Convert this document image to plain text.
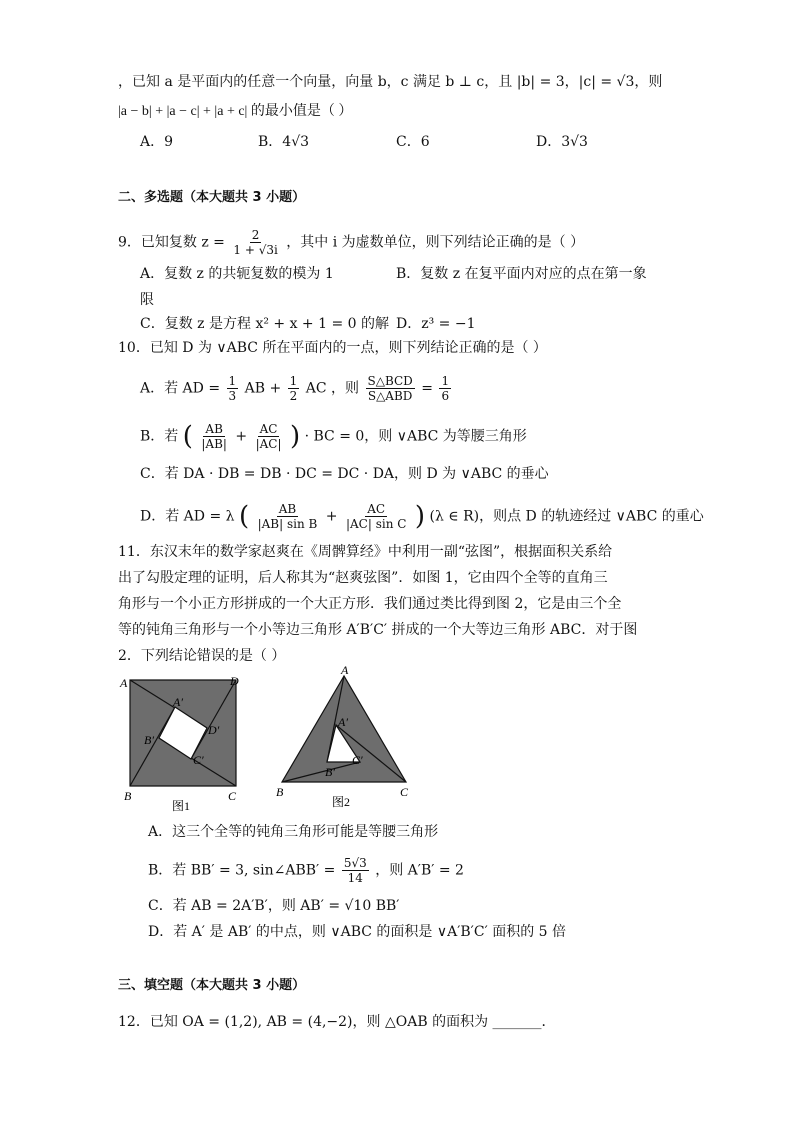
，已知 a 是平面内的任意一个向量，向量 b，c 满足 b ⊥ c，且 |b| = 3，|c| = √3，则
|a − b| + |a − c| + |a + c| 的最小值是（ ）
A．9	B．4√3	C．6	D．3√3
二、多选题（本大题共 3 小题）
9．已知复数 $z = \frac{2}{1 + √3i}$ ，其中 i 为虚数单位，则下列结论正确的是（ ）
A．复数 z 的共轭复数的模为 1	B．复数 z 在复平面内对应的点在第一象
限
C．复数 z 是方程 x² + x + 1 = 0 的解 D．z³ = −1
10．已知 D 为 ∨ABC 所在平面内的一点，则下列结论正确的是（ ）
A．若 AD = $\frac{1}{3}$ AB + $\frac{1}{2}$ AC ，则 S△BCD
S△ABD = $\frac{1}{6}$
B．若 ( $\frac{AB}{|AB|} + \frac{AC}{|AC|}$ ) · BC = 0，则 ∨ABC 为等腰三角形
C．若 DA · DB = DB · DC = DC · DA，则 D 为 ∨ABC 的垂心
D．若 AD = λ ( $\frac{AB}{\text{|AB| sin B}} + \frac{AC}{\text{|AC| sin C}}$ ) (λ ∈ R)，则点 D 的轨迹经过 ∨ABC 的重心
11．东汉末年的数学家赵爽在《周髀算经》中利用一副“弦图”，根据面积关系给
出了勾股定理的证明，后人称其为“赵爽弦图”．如图 1，它由四个全等的直角三
角形与一个小正方形拼成的一个大正方形．我们通过类比得到图 2，它是由三个全
等的钝角三角形与一个小等边三角形 A′B′C′ 拼成的一个大等边三角形 ABC．对于图
2．下列结论错误的是（ ）
A	D
A′
D′
B′
C′
B	C
图1
A
A′
C′
B′
B	C
图2
A．这三个全等的钝角三角形可能是等腰三角形
B．若 BB′ = 3, sin∠ABB′ = $\frac{5√3}{14}$ ，则 A′B′ = 2
C．若 AB = 2A′B′，则 AB′ = √10 BB′
D．若 A′ 是 AB′ 的中点，则 ∨ABC 的面积是 ∨A′B′C′ 面积的 5 倍
三、填空题（本大题共 3 小题）
12．已知 OA = (1,2), AB = (4,−2)，则 △OAB 的面积为 _______．
